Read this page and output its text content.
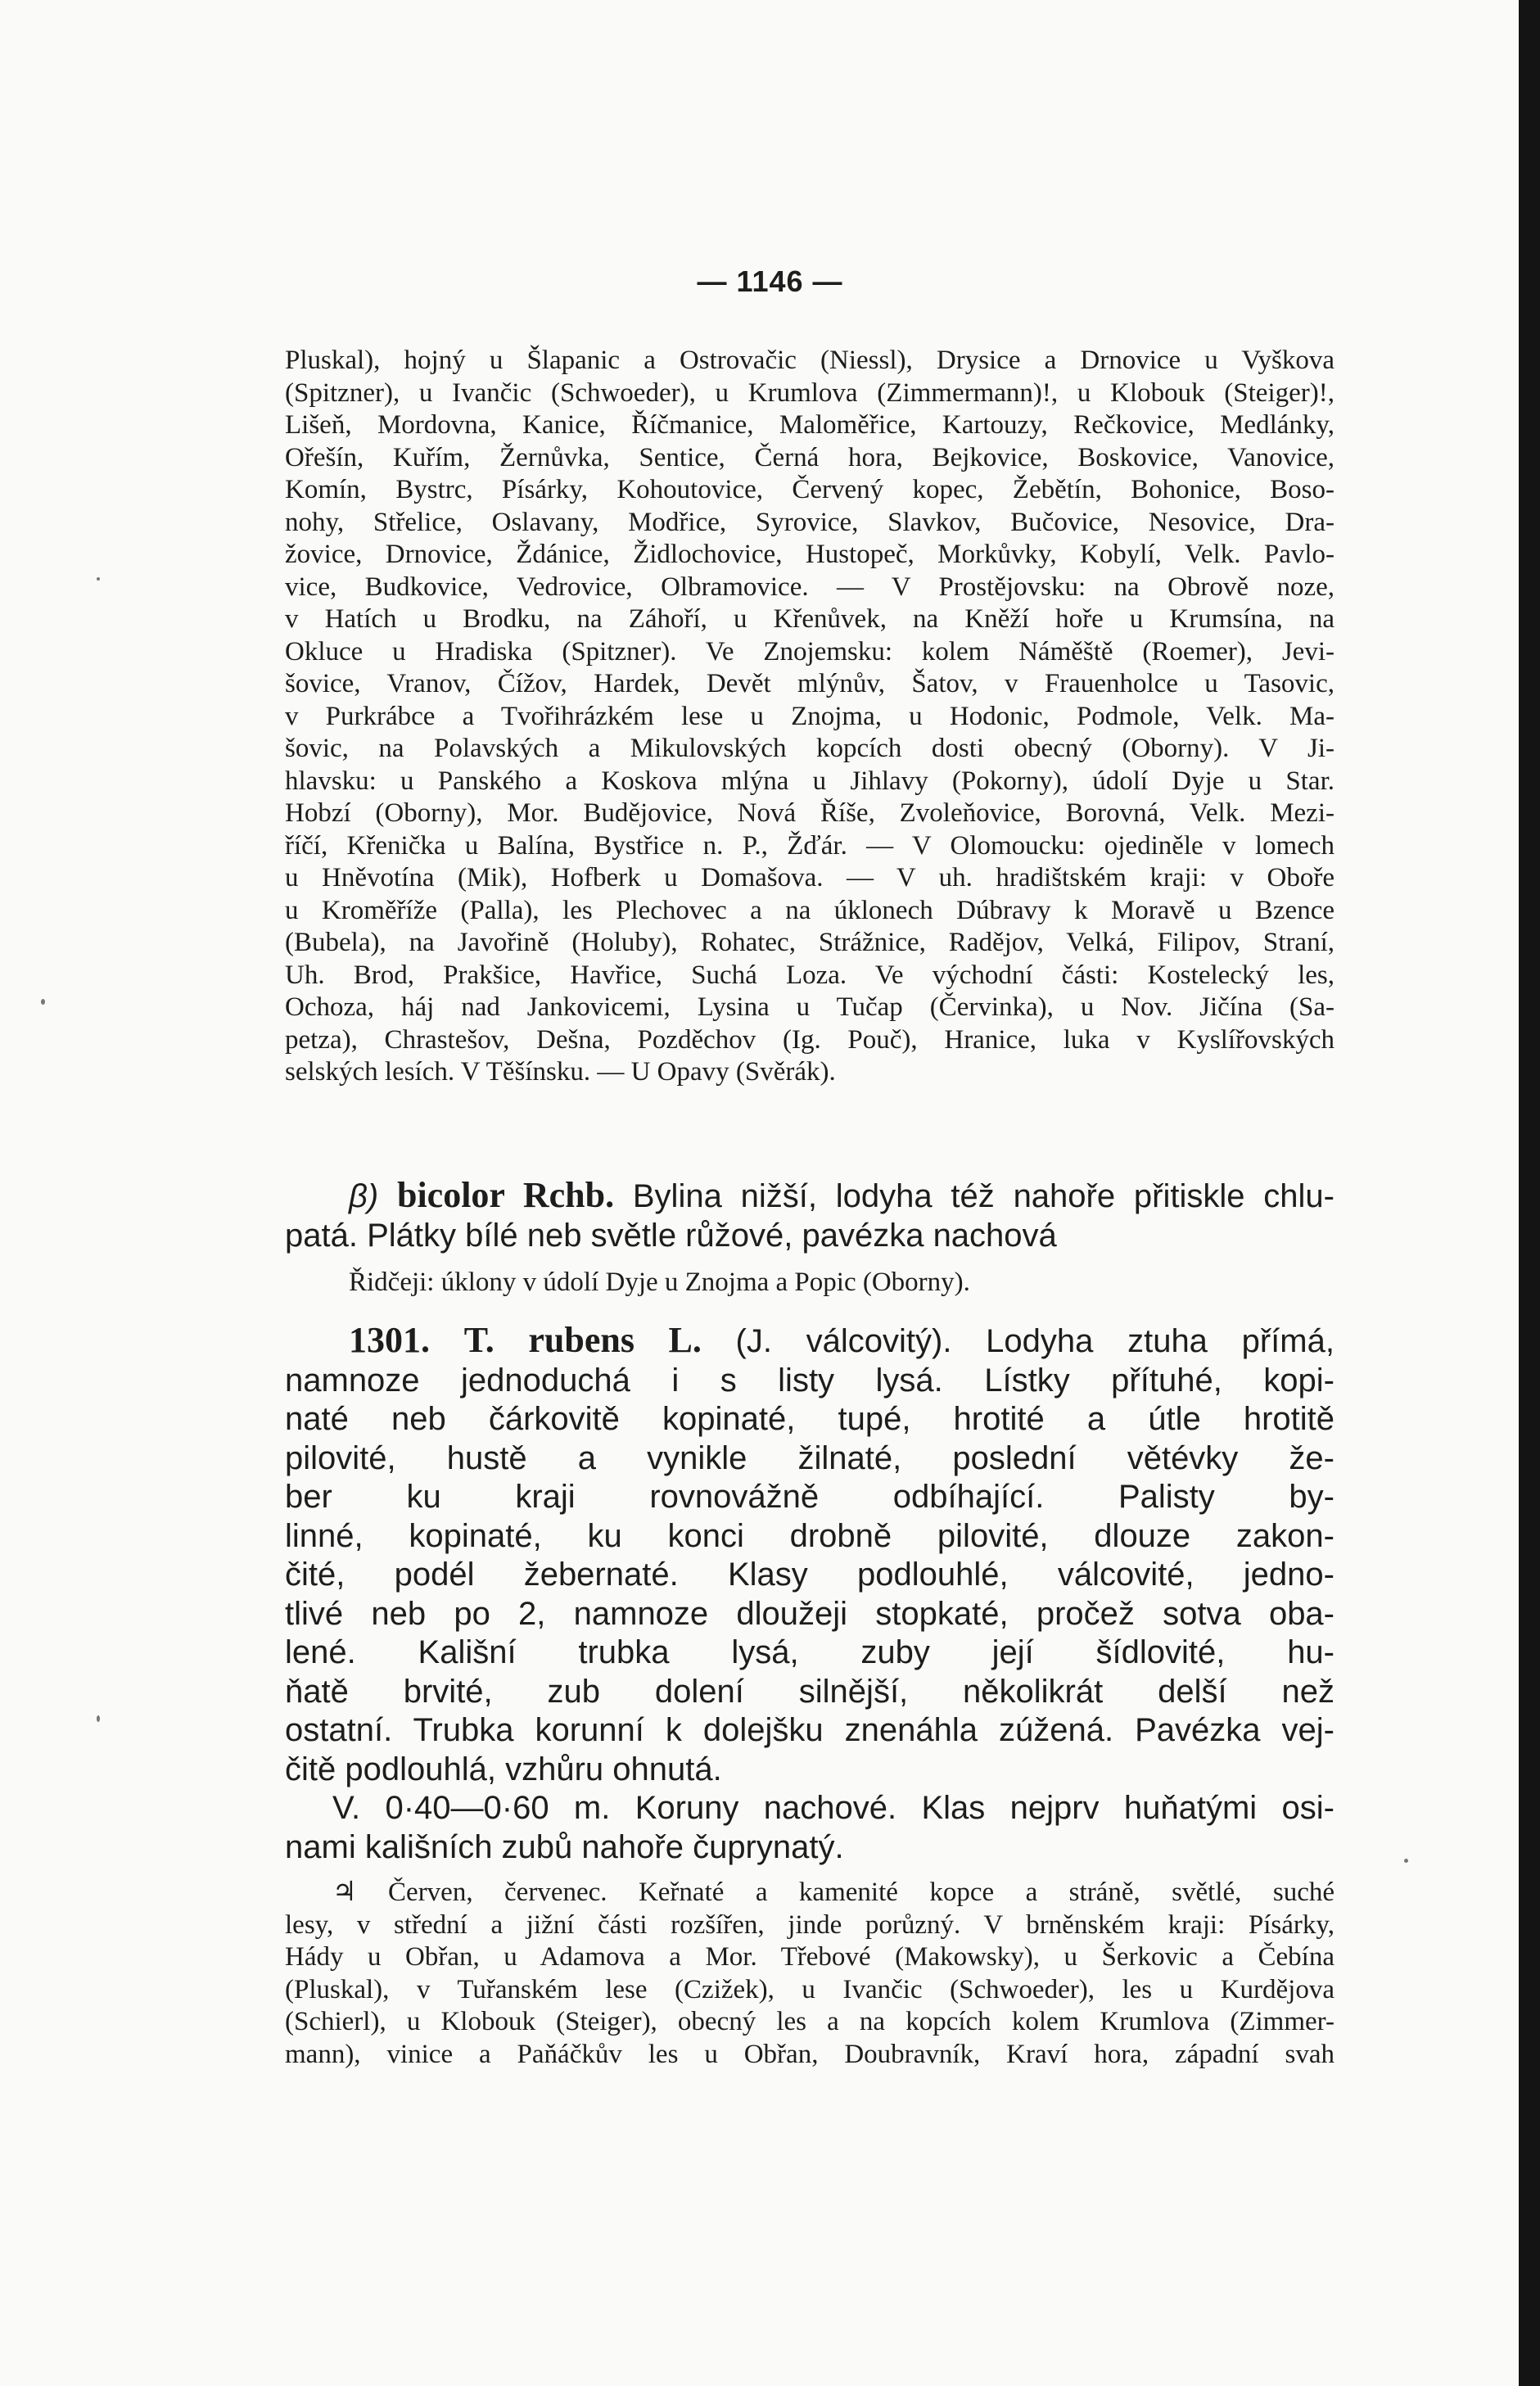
— 1146 —
Pluskal), hojný u Šlapanic a Ostrovačic (Niessl), Drysice a Drnovice u Vyškova
(Spitzner), u Ivančic (Schwoeder), u Krumlova (Zimmermann)!, u Klobouk (Steiger)!,
Lišeň, Mordovna, Kanice, Říčmanice, Maloměřice, Kartouzy, Rečkovice, Medlánky,
Ořešín, Kuřím, Žernůvka, Sentice, Černá hora, Bejkovice, Boskovice, Vanovice,
Komín, Bystrc, Písárky, Kohoutovice, Červený kopec, Žebětín, Bohonice, Boso-
nohy, Střelice, Oslavany, Modřice, Syrovice, Slavkov, Bučovice, Nesovice, Dra-
žovice, Drnovice, Ždánice, Židlochovice, Hustopeč, Morkůvky, Kobylí, Velk. Pavlo-
vice, Budkovice, Vedrovice, Olbramovice. — V Prostějovsku: na Obrově noze,
v Hatích u Brodku, na Záhoří, u Křenůvek, na Kněží hoře u Krumsína, na
Okluce u Hradiska (Spitzner). Ve Znojemsku: kolem Náměště (Roemer), Jevi-
šovice, Vranov, Čížov, Hardek, Devět mlýnův, Šatov, v Frauenholce u Tasovic,
v Purkrábce a Tvořihrázkém lese u Znojma, u Hodonic, Podmole, Velk. Ma-
šovic, na Polavských a Mikulovských kopcích dosti obecný (Oborny). V Ji-
hlavsku: u Panského a Koskova mlýna u Jihlavy (Pokorny), údolí Dyje u Star.
Hobzí (Oborny), Mor. Budějovice, Nová Říše, Zvoleňovice, Borovná, Velk. Mezi-
říčí, Křenička u Balína, Bystřice n. P., Žďár. — V Olomoucku: ojediněle v lomech
u Hněvotína (Mik), Hofberk u Domašova. — V uh. hradištském kraji: v Oboře
u Kroměříže (Palla), les Plechovec a na úklonech Dúbravy k Moravě u Bzence
(Bubela), na Javořině (Holuby), Rohatec, Strážnice, Radějov, Velká, Filipov, Straní,
Uh. Brod, Prakšice, Havřice, Suchá Loza. Ve východní části: Kostelecký les,
Ochoza, háj nad Jankovicemi, Lysina u Tučap (Červinka), u Nov. Jičína (Sa-
petza), Chrastešov, Dešna, Pozděchov (Ig. Pouč), Hranice, luka v Kyslířovských
selských lesích. V Těšínsku. — U Opavy (Svěrák).
β) bicolor Rchb. Bylina nižší, lodyha též nahoře přitiskle chlu-
patá. Plátky bílé neb světle růžové, pavézka nachová
Řidčeji: úklony v údolí Dyje u Znojma a Popic (Oborny).
1301. T. rubens L. (J. válcovitý). Lodyha ztuha přímá,
namnoze jednoduchá i s listy lysá. Lístky přítuhé, kopi-
naté neb čárkovitě kopinaté, tupé, hrotité a útle hrotitě
pilovité, hustě a vynikle žilnaté, poslední větévky že-
ber ku kraji rovnovážně odbíhající. Palisty by-
linné, kopinaté, ku konci drobně pilovité, dlouze zakon-
čité, podél žebernaté. Klasy podlouhlé, válcovité, jedno-
tlivé neb po 2, namnoze dloužeji stopkaté, pročež sotva oba-
lené. Kališní trubka lysá, zuby její šídlovité, hu-
ňatě brvité, zub dolení silnější, několikrát delší než
ostatní. Trubka korunní k dolejšku znenáhla zúžená. Pavézka vej-
čitě podlouhlá, vzhůru ohnutá.
V. 0·40—0·60 m. Koruny nachové. Klas nejprv huňatými osi-
nami kališních zubů nahoře čuprynatý.
♃ Červen, červenec. Keřnaté a kamenité kopce a stráně, světlé, suché
lesy, v střední a jižní části rozšířen, jinde porůzný. V brněnském kraji: Písárky,
Hády u Obřan, u Adamova a Mor. Třebové (Makowsky), u Šerkovic a Čebína
(Pluskal), v Tuřanském lese (Czižek), u Ivančic (Schwoeder), les u Kurdějova
(Schierl), u Klobouk (Steiger), obecný les a na kopcích kolem Krumlova (Zimmer-
mann), vinice a Paňáčkův les u Obřan, Doubravník, Kraví hora, západní svah
